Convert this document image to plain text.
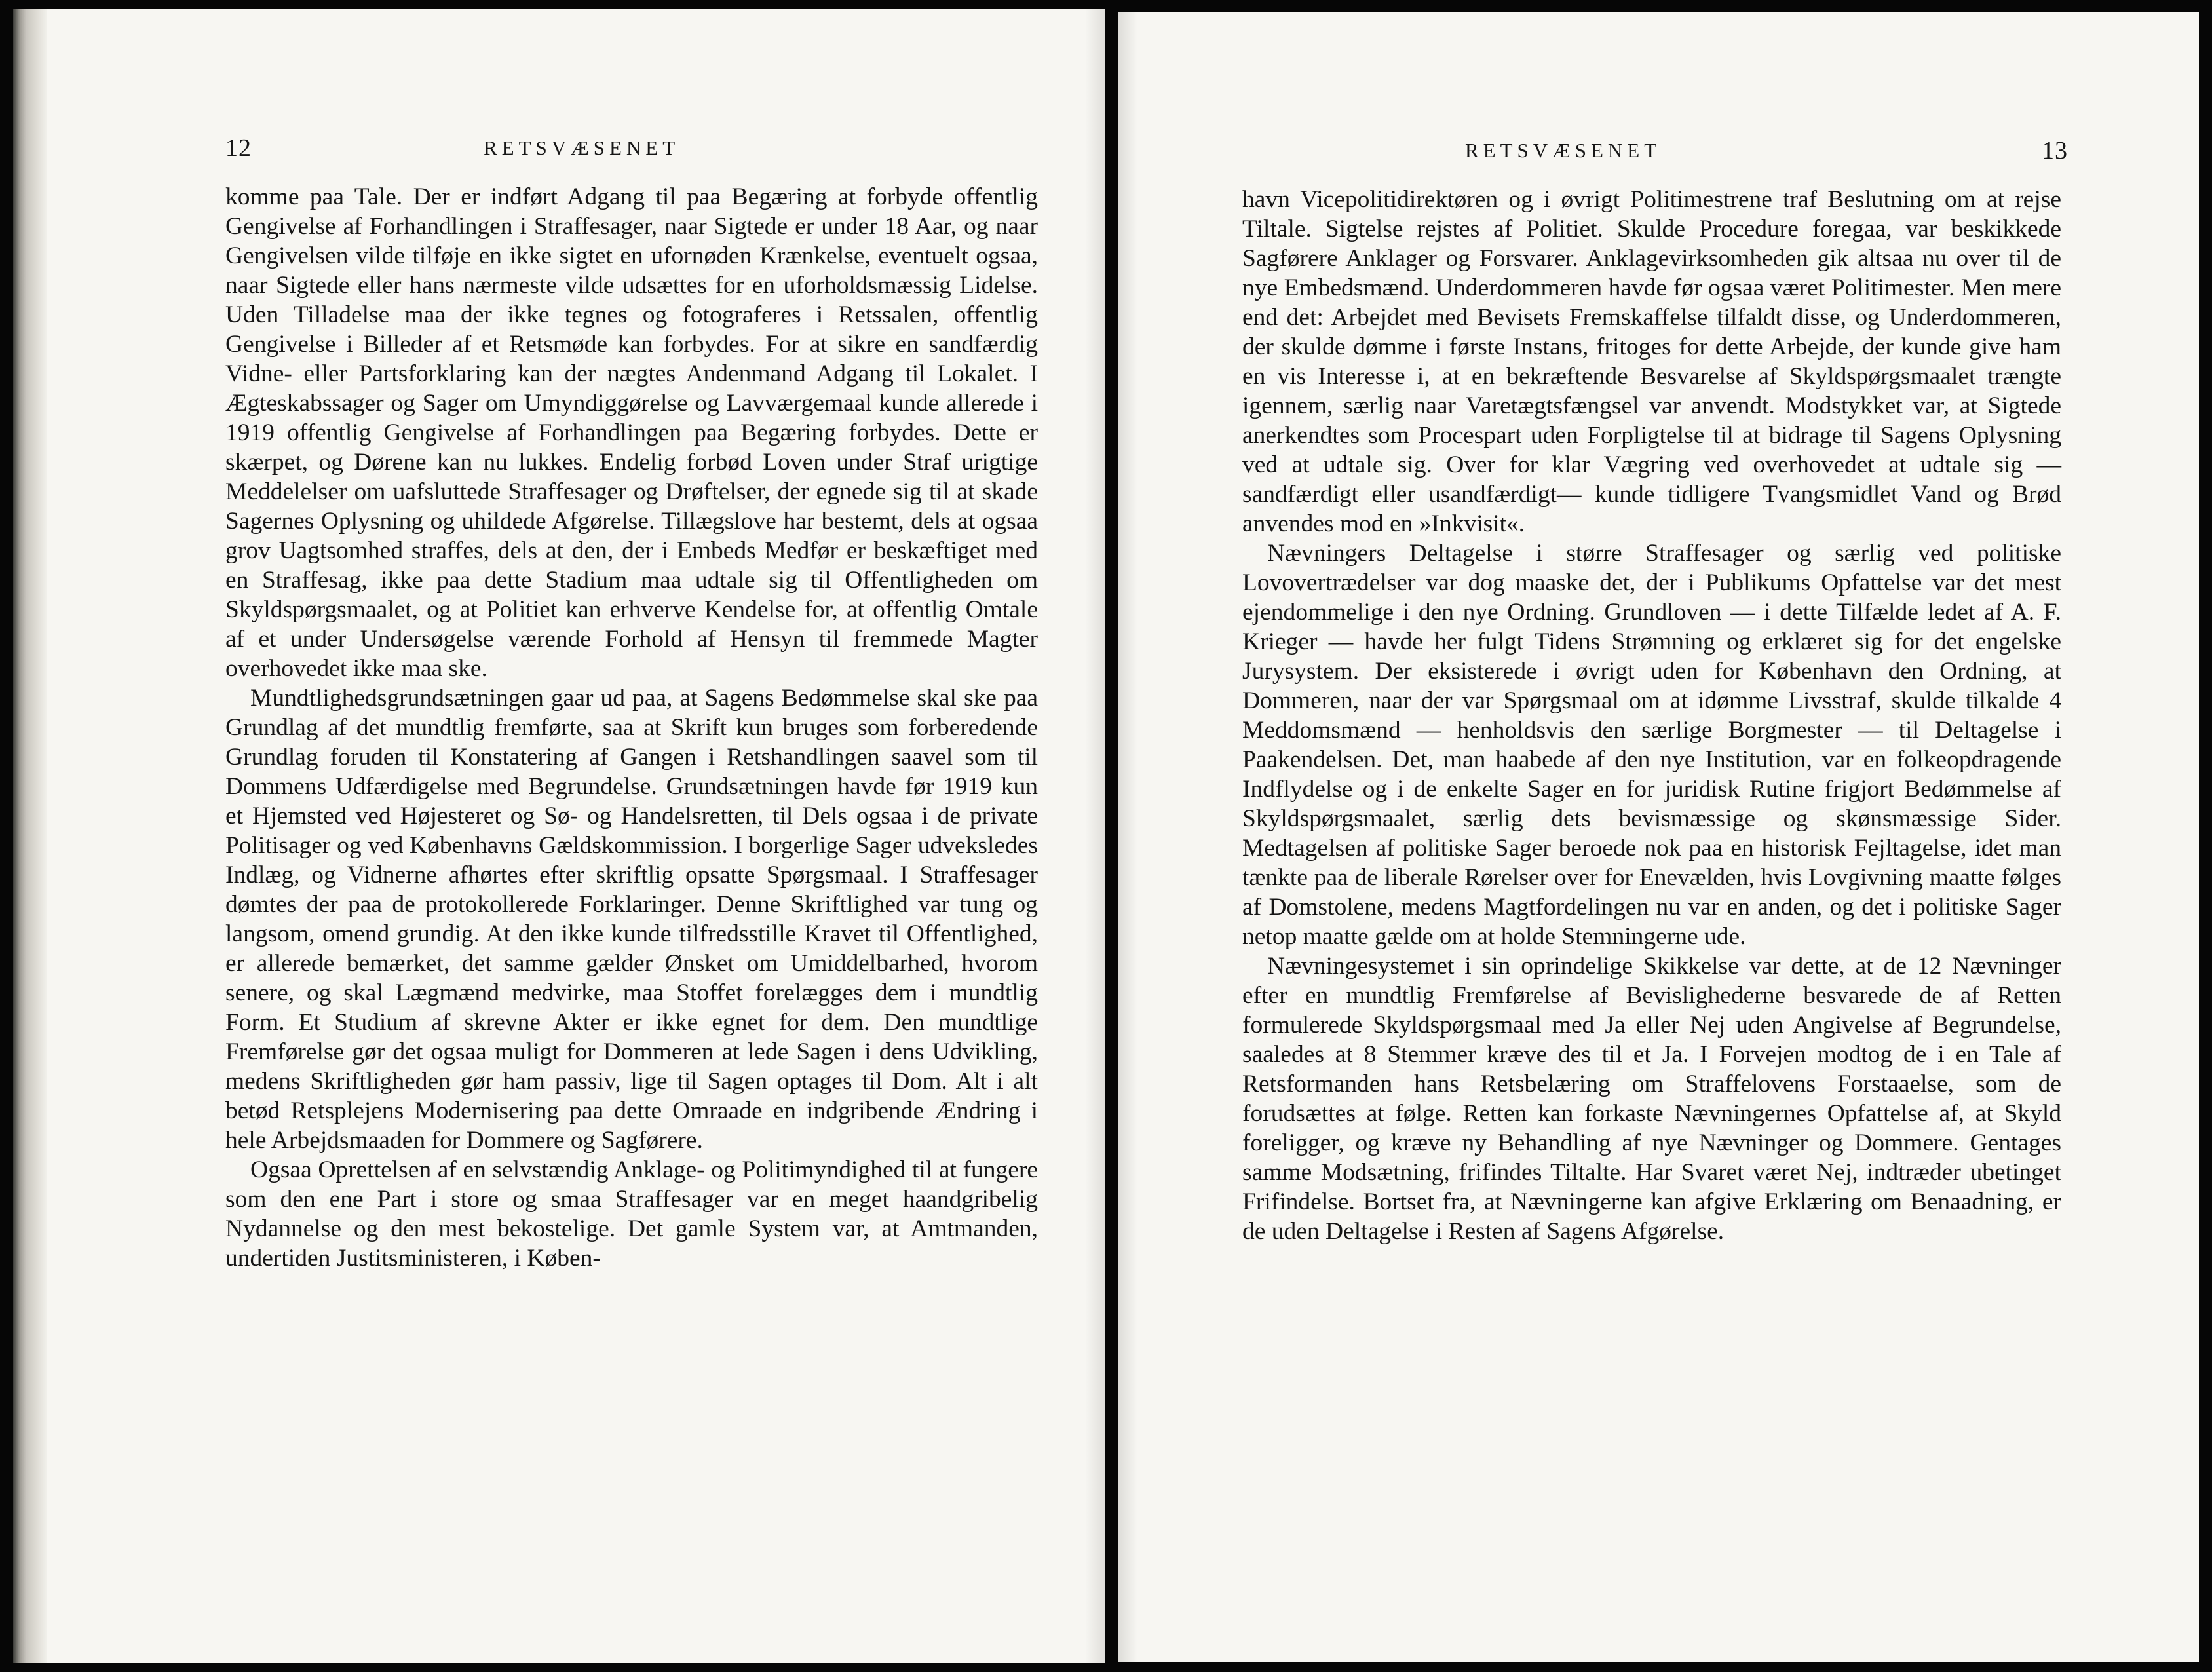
12	RETSVÆSENET

komme paa Tale. Der er indført Adgang til paa Begæring at forbyde offentlig Gengivelse af Forhandlingen i Straffesager, naar Sigtede er under 18 Aar, og naar Gengivelsen vilde tilføje en ikke sigtet en ufornøden Krænkelse, eventuelt ogsaa, naar Sigtede eller hans nærmeste vilde udsættes for en uforholdsmæssig Lidelse. Uden Tilladelse maa der ikke tegnes og fotograferes i Retssalen, offentlig Gengivelse i Billeder af et Retsmøde kan forbydes. For at sikre en sandfærdig Vidne- eller Partsforklaring kan der nægtes Andenmand Adgang til Lokalet. I Ægteskabssager og Sager om Umyndiggørelse og Lavværgemaal kunde allerede i 1919 offentlig Gengivelse af Forhandlingen paa Begæring forbydes. Dette er skærpet, og Dørene kan nu lukkes. Endelig forbød Loven under Straf urigtige Meddelelser om uafsluttede Straffesager og Drøftelser, der egnede sig til at skade Sagernes Oplysning og uhildede Afgørelse. Tillægslove har bestemt, dels at ogsaa grov Uagtsomhed straffes, dels at den, der i Embeds Medfør er beskæftiget med en Straffesag, ikke paa dette Stadium maa udtale sig til Offentligheden om Skyldspørgsmaalet, og at Politiet kan erhverve Kendelse for, at offentlig Omtale af et under Undersøgelse værende Forhold af Hensyn til fremmede Magter overhovedet ikke maa ske.

Mundtlighedsgrundsætningen gaar ud paa, at Sagens Bedømmelse skal ske paa Grundlag af det mundtlig fremførte, saa at Skrift kun bruges som forberedende Grundlag foruden til Konstatering af Gangen i Retshandlingen saavel som til Dommens Udfærdigelse med Begrundelse. Grundsætningen havde før 1919 kun et Hjemsted ved Højesteret og Sø- og Handelsretten, til Dels ogsaa i de private Politisager og ved Københavns Gældskommission. I borgerlige Sager udveksledes Indlæg, og Vidnerne afhørtes efter skriftlig opsatte Spørgsmaal. I Straffesager dømtes der paa de protokollerede Forklaringer. Denne Skriftlighed var tung og langsom, omend grundig. At den ikke kunde tilfredsstille Kravet til Offentlighed, er allerede bemærket, det samme gælder Ønsket om Umiddelbarhed, hvorom senere, og skal Lægmænd medvirke, maa Stoffet forelægges dem i mundtlig Form. Et Studium af skrevne Akter er ikke egnet for dem. Den mundtlige Fremførelse gør det ogsaa muligt for Dommeren at lede Sagen i dens Udvikling, medens Skriftligheden gør ham passiv, lige til Sagen optages til Dom. Alt i alt betød Retsplejens Modernisering paa dette Omraade en indgribende Ændring i hele Arbejdsmaaden for Dommere og Sagførere.

Ogsaa Oprettelsen af en selvstændig Anklage- og Politimyndighed til at fungere som den ene Part i store og smaa Straffesager var en meget haandgribelig Nydannelse og den mest bekostelige. Det gamle System var, at Amtmanden, undertiden Justitsministeren, i Køben-

RETSVÆSENET	13

havn Vicepolitidirektøren og i øvrigt Politimestrene traf Beslutning om at rejse Tiltale. Sigtelse rejstes af Politiet. Skulde Procedure foregaa, var beskikkede Sagførere Anklager og Forsvarer. Anklagevirksomheden gik altsaa nu over til de nye Embedsmænd. Underdommeren havde før ogsaa været Politimester. Men mere end det: Arbejdet med Bevisets Fremskaffelse tilfaldt disse, og Underdommeren, der skulde dømme i første Instans, fritoges for dette Arbejde, der kunde give ham en vis Interesse i, at en bekræftende Besvarelse af Skyldspørgsmaalet trængte igennem, særlig naar Varetægtsfængsel var anvendt. Modstykket var, at Sigtede anerkendtes som Procespart uden Forpligtelse til at bidrage til Sagens Oplysning ved at udtale sig. Over for klar Vægring ved overhovedet at udtale sig — sandfærdigt eller usandfærdigt— kunde tidligere Tvangsmidlet Vand og Brød anvendes mod en »Inkvisit«.

Nævningers Deltagelse i større Straffesager og særlig ved politiske Lovovertrædelser var dog maaske det, der i Publikums Opfattelse var det mest ejendommelige i den nye Ordning. Grundloven — i dette Tilfælde ledet af A. F. Krieger — havde her fulgt Tidens Strømning og erklæret sig for det engelske Jurysystem. Der eksisterede i øvrigt uden for København den Ordning, at Dommeren, naar der var Spørgsmaal om at idømme Livsstraf, skulde tilkalde 4 Meddomsmænd — henholdsvis den særlige Borgmester — til Deltagelse i Paakendelsen. Det, man haabede af den nye Institution, var en folkeopdragende Indflydelse og i de enkelte Sager en for juridisk Rutine frigjort Bedømmelse af Skyldspørgsmaalet, særlig dets bevismæssige og skønsmæssige Sider. Medtagelsen af politiske Sager beroede nok paa en historisk Fejltagelse, idet man tænkte paa de liberale Rørelser over for Enevælden, hvis Lovgivning maatte følges af Domstolene, medens Magtfordelingen nu var en anden, og det i politiske Sager netop maatte gælde om at holde Stemningerne ude.

Nævningesystemet i sin oprindelige Skikkelse var dette, at de 12 Nævninger efter en mundtlig Fremførelse af Bevislighederne besvarede de af Retten formulerede Skyldspørgsmaal med Ja eller Nej uden Angivelse af Begrundelse, saaledes at 8 Stemmer kræve des til et Ja. I Forvejen modtog de i en Tale af Retsformanden hans Retsbelæring om Straffelovens Forstaaelse, som de forudsættes at følge. Retten kan forkaste Nævningernes Opfattelse af, at Skyld foreligger, og kræve ny Behandling af nye Nævninger og Dommere. Gentages samme Modsætning, frifindes Tiltalte. Har Svaret været Nej, indtræder ubetinget Frifindelse. Bortset fra, at Nævningerne kan afgive Erklæring om Benaadning, er de uden Deltagelse i Resten af Sagens Afgørelse.
